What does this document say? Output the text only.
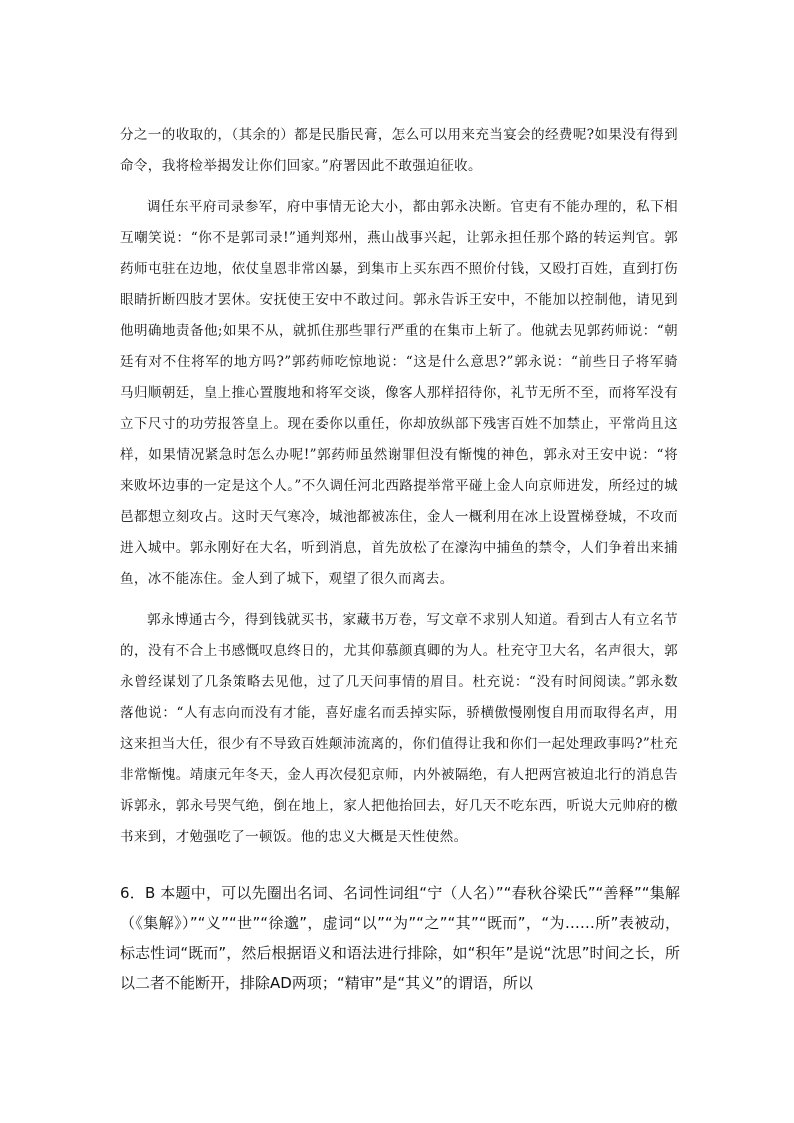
分之一的收取的，（其余的）都是民脂民膏，怎么可以用来充当宴会的经费呢?如果没有得到命令，我将检举揭发让你们回家。”府署因此不敢强迫征收。

调任东平府司录参军，府中事情无论大小，都由郭永决断。官吏有不能办理的，私下相互嘲笑说：“你不是郭司录!”通判郑州，燕山战事兴起，让郭永担任那个路的转运判官。郭药师屯驻在边地，依仗皇恩非常凶暴，到集市上买东西不照价付钱，又殴打百姓，直到打伤眼睛折断四肢才罢休。安抚使王安中不敢过问。郭永告诉王安中，不能加以控制他，请见到他明确地责备他;如果不从，就抓住那些罪行严重的在集市上斩了。他就去见郭药师说：“朝廷有对不住将军的地方吗?”郭药师吃惊地说：“这是什么意思?”郭永说：“前些日子将军骑马归顺朝廷，皇上推心置腹地和将军交谈，像客人那样招待你，礼节无所不至，而将军没有立下尺寸的功劳报答皇上。现在委你以重任，你却放纵部下残害百姓不加禁止，平常尚且这样，如果情况紧急时怎么办呢!”郭药师虽然谢罪但没有惭愧的神色，郭永对王安中说：“将来败坏边事的一定是这个人。”不久调任河北西路提举常平碰上金人向京师进发，所经过的城邑都想立刻攻占。这时天气寒冷，城池都被冻住，金人一概利用在冰上设置梯登城，不攻而进入城中。郭永刚好在大名，听到消息，首先放松了在濠沟中捕鱼的禁令，人们争着出来捕鱼，冰不能冻住。金人到了城下，观望了很久而离去。

郭永博通古今，得到钱就买书，家藏书万卷，写文章不求别人知道。看到古人有立名节的，没有不合上书感慨叹息终日的，尤其仰慕颜真卿的为人。杜充守卫大名，名声很大，郭永曾经谋划了几条策略去见他，过了几天问事情的眉目。杜充说：“没有时间阅读。”郭永数落他说：“人有志向而没有才能，喜好虚名而丢掉实际，骄横傲慢刚愎自用而取得名声，用这来担当大任，很少有不导致百姓颠沛流离的，你们值得让我和你们一起处理政事吗?”杜充非常惭愧。靖康元年冬天，金人再次侵犯京师，内外被隔绝，有人把两宫被迫北行的消息告诉郭永，郭永号哭气绝，倒在地上，家人把他抬回去，好几天不吃东西，听说大元帅府的檄书来到，才勉强吃了一顿饭。他的忠义大概是天性使然。

6．B 本题中，可以先圈出名词、名词性词组“宁（人名）”“春秋谷梁氏”“善释”“集解（《集解》）”“义”“世”“徐邈”，虚词“以”“为”“之”“其”“既而”，“为……所”表被动，标志性词“既而”，然后根据语义和语法进行排除，如“积年”是说“沈思”时间之长，所以二者不能断开，排除AD两项；“精审”是“其义”的谓语，所以
